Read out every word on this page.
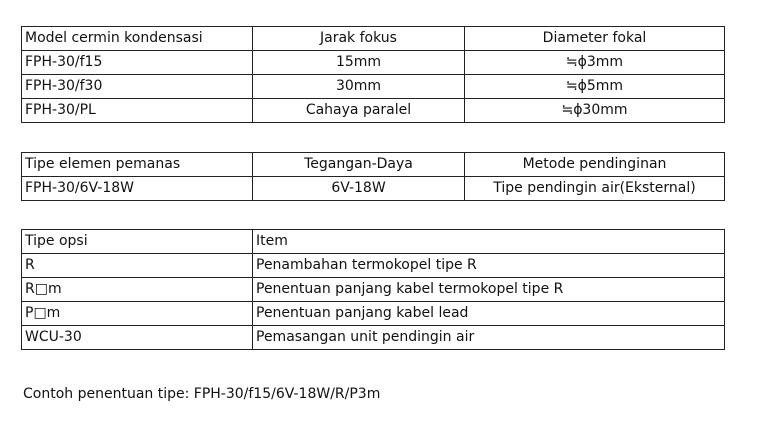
Model cermin kondensasi	Jarak fokus	Diameter fokal
FPH-30/f15	15mm	≒ϕ3mm
FPH-30/f30	30mm	≒ϕ5mm
FPH-30/PL	Cahaya paralel	≒ϕ30mm
Tipe elemen pemanas	Tegangan-Daya	Metode pendinginan
FPH-30/6V-18W	6V-18W	Tipe pendingin air(Eksternal)
Tipe opsi	Item
R	Penambahan termokopel tipe R
R□m	Penentuan panjang kabel termokopel tipe R
P□m	Penentuan panjang kabel lead
WCU-30	Pemasangan unit pendingin air
Contoh penentuan tipe: FPH-30/f15/6V-18W/R/P3m
